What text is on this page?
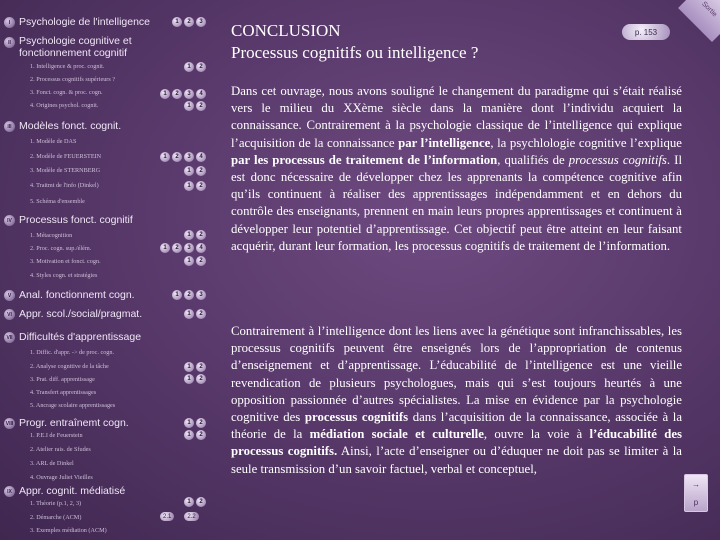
I Psychologie de l'intelligence	1	2	3
II Psychologie cognitive et
fonctionnement cognitif
1. Intelligence & proc. cognit.	1	2
2. Processus cognitifs supérieurs ?
3. Fonct. cogn. & proc. cogn.	1	2	3	4
4. Origines psychol. cognit.	1	2
III Modèles fonct. cognit.
1. Modèle de DAS
2. Modèle de FEUERSTEIN	1	2	3	4
3. Modèle de STERNBERG	1	2
4. Traitmt de l'info (Dinkel)	1	2
5. Schéma d'ensemble
IV Processus fonct. cognitif
1. Métacognition	1	2
2. Proc. cogn. sup./élém.	1	2	3	4
3. Motivation et fonct. cogn.	1	2
4. Styles cogn. et stratégies
V Anal. fonctionnemt cogn.	1	2	3
VI Appr. scol./social/pragmat.	1	2
VII Difficultés d'apprentissage
1. Diffic. d'appr. -> de proc. cogn.
2. Analyse cognitive de la tâche	1	2
3. Prat. diff. apprentissage	1	2
4. Transfert apprentissages
5. Ancrage scolaire apprentissages
VIII Progr. entraînemt cogn.	1	2
1. P.E.I de Feuerstein	1	2
2. Atelier rais. de Sfudes
3. ARL de Dinkel
4. Ouvrage Juliet Vieilles
IX Appr. cognit. médiatisé
1. Théorie (p.1, 2, 3)	1	2
2. Démarche (ACM)	2.1	2.2
3. Exemples médiation (ACM)
Sortie
CONCLUSION
Processus cognitifs ou intelligence ?
p. 153
Dans cet ouvrage, nous avons souligné le changement du paradigme qui s’était réalisé vers le milieu du XXème siècle dans la manière dont l’individu acquiert la connaissance. Contrairement à la psychologie classique de l’intelligence qui explique l’acquisition de la connaissance par l’intelligence, la psychlologie cognitive l’explique par les processus de traitement de l’information, qualifiés de processus cognitifs. Il est donc nécessaire de développer chez les apprenants la compétence cognitive afin qu’ils continuent à réaliser des apprentissages indépendamment et en dehors du contrôle des enseignants, prennent en main leurs propres apprentissages et continuent à développer leur potentiel d’apprentissage. Cet objectif peut être atteint en leur faisant acquérir, durant leur formation, les processus cognitifs de traitement de l’information.
Contrairement à l’intelligence dont les liens avec la génétique sont infranchissables, les processus cognitifs peuvent être enseignés lors de l’appropriation de contenus d’enseignement et d’apprentissage. L’éducabilité de l’intelligence est une vieille revendication de plusieurs psychologues, mais qui s’est toujours heurtés à une opposition passionnée d’autres spécialistes. La mise en évidence par la psychologie cognitive des processus cognitifs dans l’acquisition de la connaissance, associée à la théorie de la médiation sociale et culturelle, ouvre la voie à l’éducabilité des processus cognitifs. Ainsi, l’acte d’enseigner ou d’éduquer ne doit pas se limiter à la seule transmission d’un savoir factuel, verbal et conceptuel,
→
p
